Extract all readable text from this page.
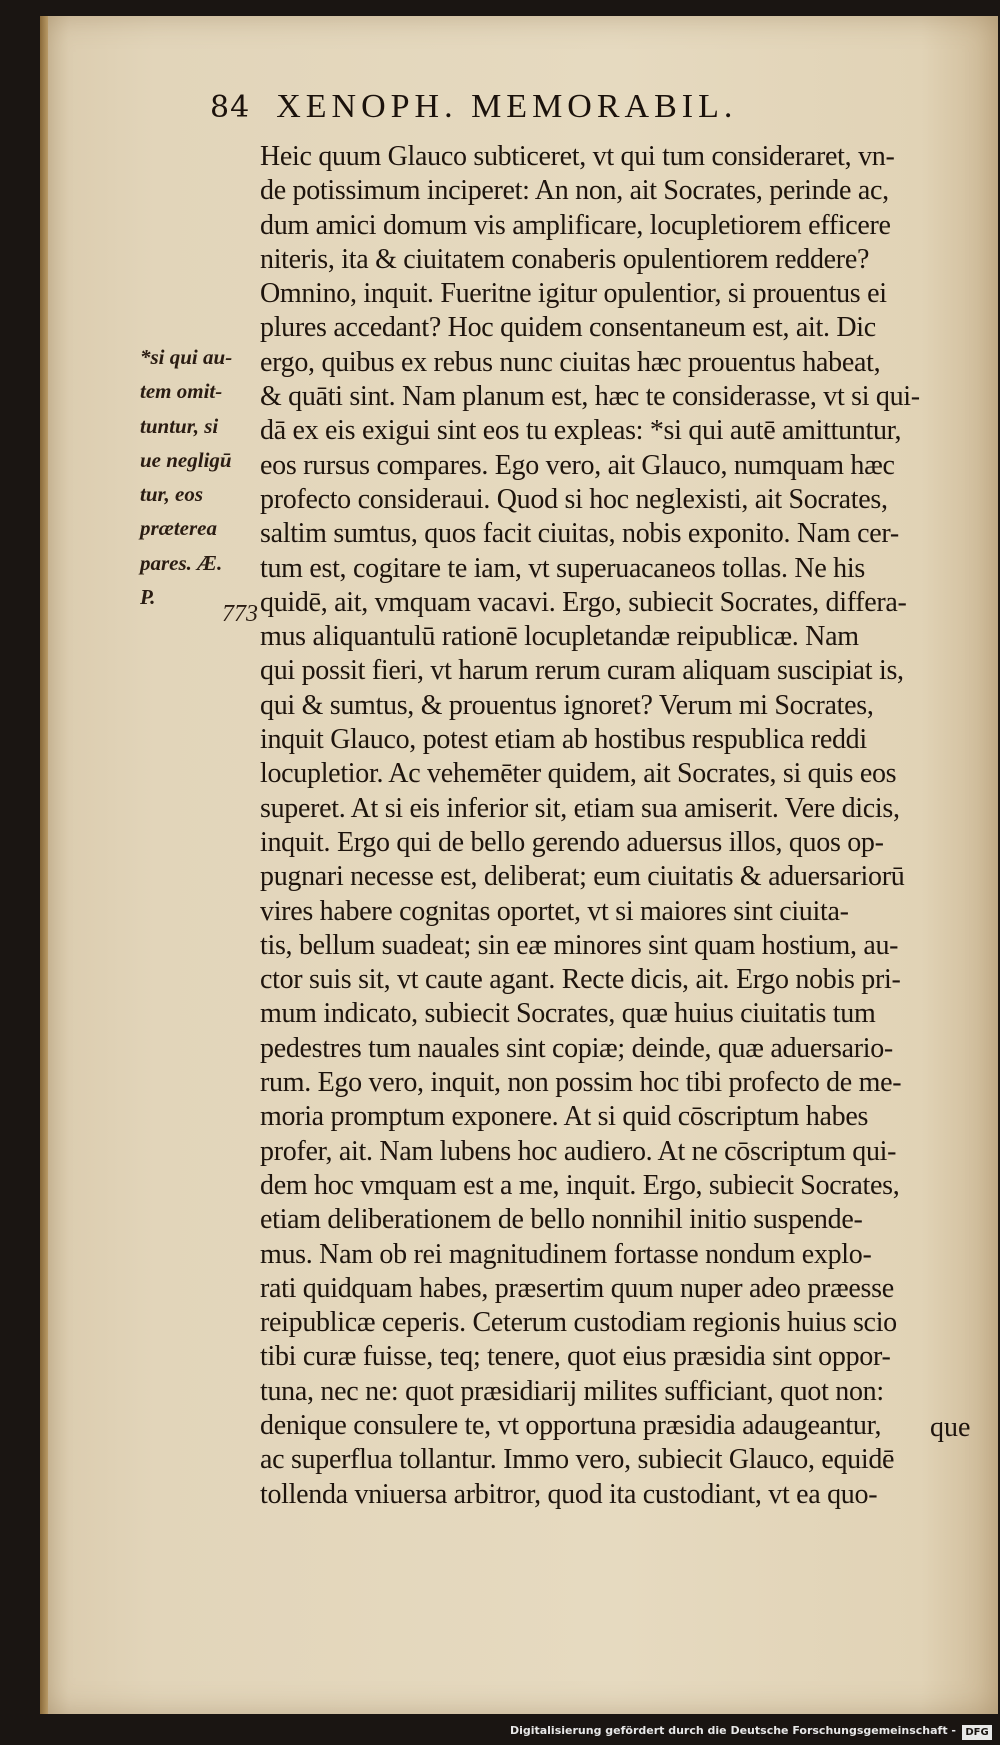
84 XENOPH. MEMORABIL.
Heic quum Glauco subticeret, vt qui tum consideraret, vn-
de potissimum inciperet: An non, ait Socrates, perinde ac,
dum amici domum vis amplificare, locupletiorem efficere
niteris, ita & ciuitatem conaberis opulentiorem reddere?
Omnino, inquit. Fueritne igitur opulentior, si prouentus ei
plures accedant? Hoc quidem consentaneum est, ait. Dic
ergo, quibus ex rebus nunc ciuitas hæc prouentus habeat,
& quāti sint. Nam planum est, hæc te considerasse, vt si qui-
dā ex eis exigui sint eos tu expleas: *si qui autē amittuntur,
eos rursus compares. Ego vero, ait Glauco, numquam hæc
profecto consideraui. Quod si hoc neglexisti, ait Socrates,
saltim sumtus, quos facit ciuitas, nobis exponito. Nam cer-
tum est, cogitare te iam, vt superuacaneos tollas. Ne his
quidē, ait, vmquam vacavi. Ergo, subiecit Socrates, differa-
mus aliquantulū rationē locupletandæ reipublicæ. Nam
qui possit fieri, vt harum rerum curam aliquam suscipiat is,
qui & sumtus, & prouentus ignoret? Verum mi Socrates,
inquit Glauco, potest etiam ab hostibus respublica reddi
locupletior. Ac vehemēter quidem, ait Socrates, si quis eos
superet. At si eis inferior sit, etiam sua amiserit. Vere dicis,
inquit. Ergo qui de bello gerendo aduersus illos, quos op-
pugnari necesse est, deliberat; eum ciuitatis & aduersariorū
vires habere cognitas oportet, vt si maiores sint ciuita-
tis, bellum suadeat; sin eæ minores sint quam hostium, au-
ctor suis sit, vt caute agant. Recte dicis, ait. Ergo nobis pri-
mum indicato, subiecit Socrates, quæ huius ciuitatis tum
pedestres tum nauales sint copiæ; deinde, quæ aduersario-
rum. Ego vero, inquit, non possim hoc tibi profecto de me-
moria promptum exponere. At si quid cōscriptum habes
profer, ait. Nam lubens hoc audiero. At ne cōscriptum qui-
dem hoc vmquam est a me, inquit. Ergo, subiecit Socrates,
etiam deliberationem de bello nonnihil initio suspende-
mus. Nam ob rei magnitudinem fortasse nondum explo-
rati quidquam habes, præsertim quum nuper adeo præesse
reipublicæ ceperis. Ceterum custodiam regionis huius scio
tibi curæ fuisse, teq; tenere, quot eius præsidia sint oppor-
tuna, nec ne: quot præsidiarij milites sufficiant, quot non:
denique consulere te, vt opportuna præsidia adaugeantur,
ac superflua tollantur. Immo vero, subiecit Glauco, equidē
tollenda vniuersa arbitror, quod ita custodiant, vt ea quo-
*si qui au-
tem omit-
tuntur, si
ue negligū
tur, eos
præterea
pares. Æ.
P.
773
que
Digitalisierung gefördert durch die Deutsche Forschungsgemeinschaft - DFG
